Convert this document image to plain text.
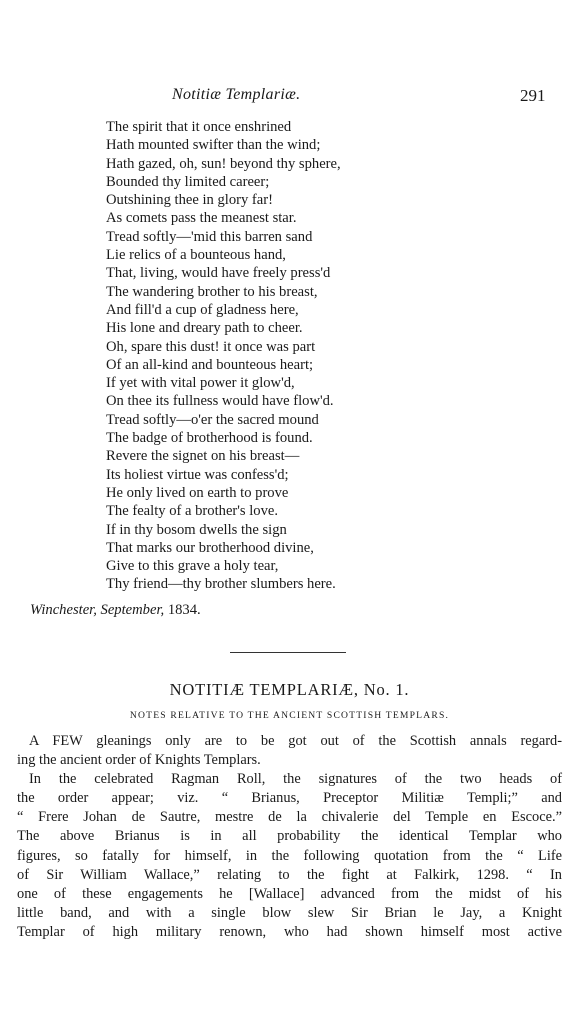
Notitiæ Templariæ.	291
The spirit that it once enshrined
Hath mounted swifter than the wind;
Hath gazed, oh, sun! beyond thy sphere,
Bounded thy limited career;
Outshining thee in glory far!
As comets pass the meanest star.
Tread softly—'mid this barren sand
Lie relics of a bounteous hand,
That, living, would have freely press'd
The wandering brother to his breast,
And fill'd a cup of gladness here,
His lone and dreary path to cheer.
Oh, spare this dust! it once was part
Of an all-kind and bounteous heart;
If yet with vital power it glow'd,
On thee its fullness would have flow'd.
Tread softly—o'er the sacred mound
The badge of brotherhood is found.
Revere the signet on his breast—
Its holiest virtue was confess'd;
He only lived on earth to prove
The fealty of a brother's love.
If in thy bosom dwells the sign
That marks our brotherhood divine,
Give to this grave a holy tear,
Thy friend—thy brother slumbers here.
Winchester, September, 1834.
NOTITIÆ TEMPLARIÆ, No. 1.
NOTES RELATIVE TO THE ANCIENT SCOTTISH TEMPLARS.
A FEW gleanings only are to be got out of the Scottish annals regard-
ing the ancient order of Knights Templars.
In the celebrated Ragman Roll, the signatures of the two heads of
the order appear; viz. “ Brianus, Preceptor Militiæ Templi;” and
“ Frere Johan de Sautre, mestre de la chivalerie del Temple en Escoce.”
The above Brianus is in all probability the identical Templar who
figures, so fatally for himself, in the following quotation from the “ Life
of Sir William Wallace,” relating to the fight at Falkirk, 1298. “ In
one of these engagements he [Wallace] advanced from the midst of his
little band, and with a single blow slew Sir Brian le Jay, a Knight
Templar of high military renown, who had shown himself most active
